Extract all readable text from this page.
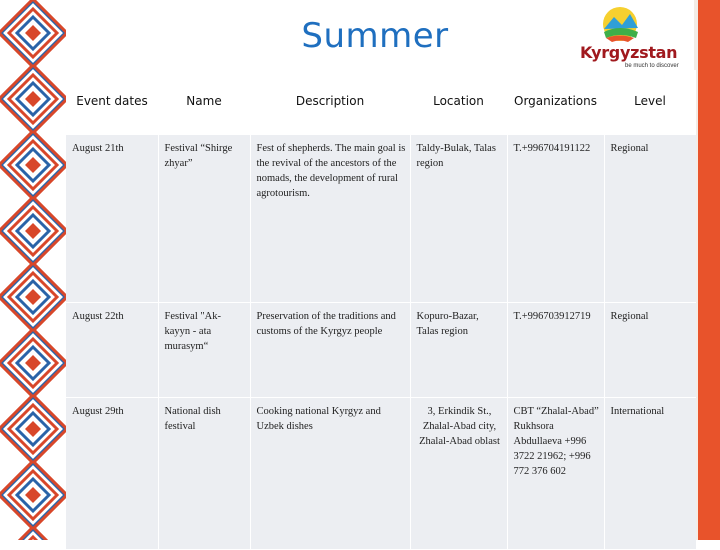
Summer	Kyrgyzstan
be much to discover
Event dates	Name	Description	Location	Organizations	Level
August 21th	Festival “Shirge zhyar”	Fest of shepherds. The main goal is the revival of the ancestors of the nomads, the development of rural agrotourism.	Taldy-Bulak, Talas region	T.+996704191122	Regional
August 22th	Festival "Ak-kayyn - ata murasym“	Preservation of the traditions and customs of the Kyrgyz people	Kopuro-Bazar, Talas region	T.+996703912719	Regional
August 29th	National dish festival	Cooking national Kyrgyz and Uzbek dishes	3, Erkindik St., Zhalal-Abad city, Zhalal-Abad oblast	CBT “Zhalal-Abad” Rukhsora Abdullaeva +996 3722 21962; +996 772 376 602	International
